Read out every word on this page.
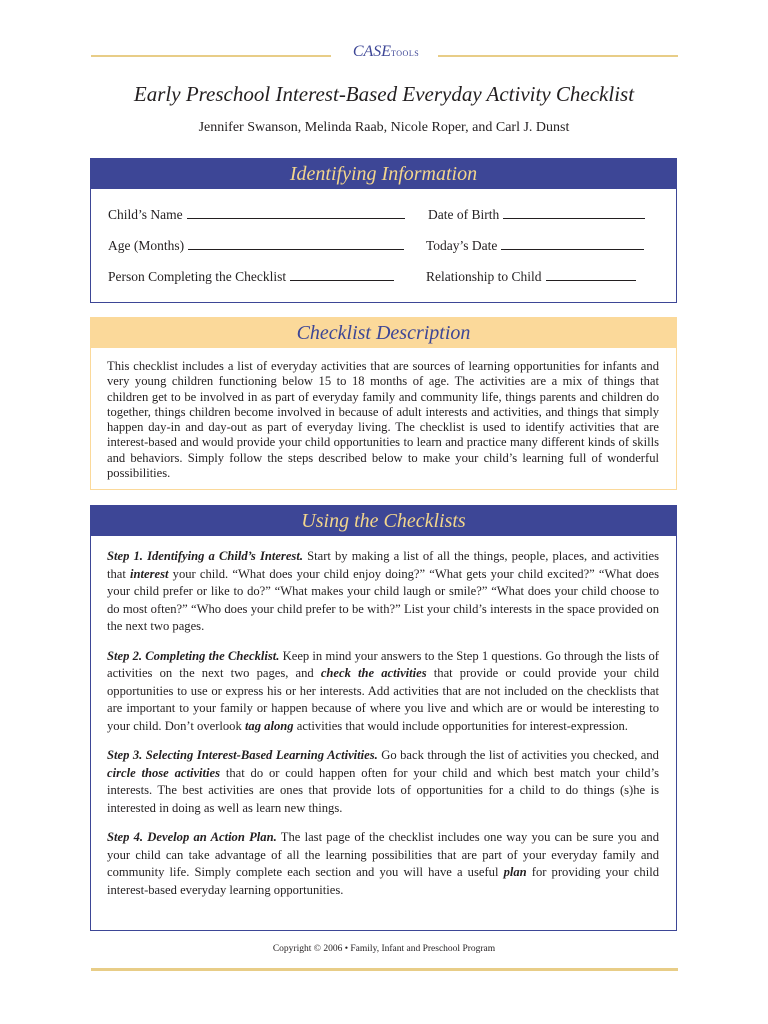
CASEtools
Early Preschool Interest-Based Everyday Activity Checklist
Jennifer Swanson, Melinda Raab, Nicole Roper, and Carl J. Dunst
Identifying Information
Child’s Name	Date of Birth
Age (Months)	Today’s Date
Person Completing the Checklist	Relationship to Child
Checklist Description
This checklist includes a list of everyday activities that are sources of learning opportunities for infants and very young children functioning below 15 to 18 months of age. The activities are a mix of things that children get to be involved in as part of everyday family and community life, things parents and children do together, things children become involved in because of adult interests and activities, and things that simply happen day-in and day-out as part of everyday living. The checklist is used to identify activities that are interest-based and would provide your child opportunities to learn and practice many different kinds of skills and behaviors. Simply follow the steps described below to make your child’s learning full of wonderful possibilities.
Using the Checklists

Step 1. Identifying a Child’s Interest. Start by making a list of all the things, people, places, and activities that interest your child. “What does your child enjoy doing?” “What gets your child excited?” “What does your child prefer or like to do?” “What makes your child laugh or smile?” “What does your child choose to do most often?” “Who does your child prefer to be with?” List your child’s interests in the space provided on the next two pages.

Step 2. Completing the Checklist. Keep in mind your answers to the Step 1 questions. Go through the lists of activities on the next two pages, and check the activities that provide or could provide your child opportunities to use or express his or her interests. Add activities that are not included on the checklists that are important to your family or happen because of where you live and which are or would be interesting to your child. Don’t overlook tag along activities that would include opportunities for interest-expression.

Step 3. Selecting Interest-Based Learning Activities. Go back through the list of activities you checked, and circle those activities that do or could happen often for your child and which best match your child’s interests. The best activities are ones that provide lots of opportunities for a child to do things (s)he is interested in doing as well as learn new things.

Step 4. Develop an Action Plan. The last page of the checklist includes one way you can be sure you and your child can take advantage of all the learning possibilities that are part of your everyday family and community life. Simply complete each section and you will have a useful plan for providing your child interest-based everyday learning opportunities.

Copyright © 2006 • Family, Infant and Preschool Program
